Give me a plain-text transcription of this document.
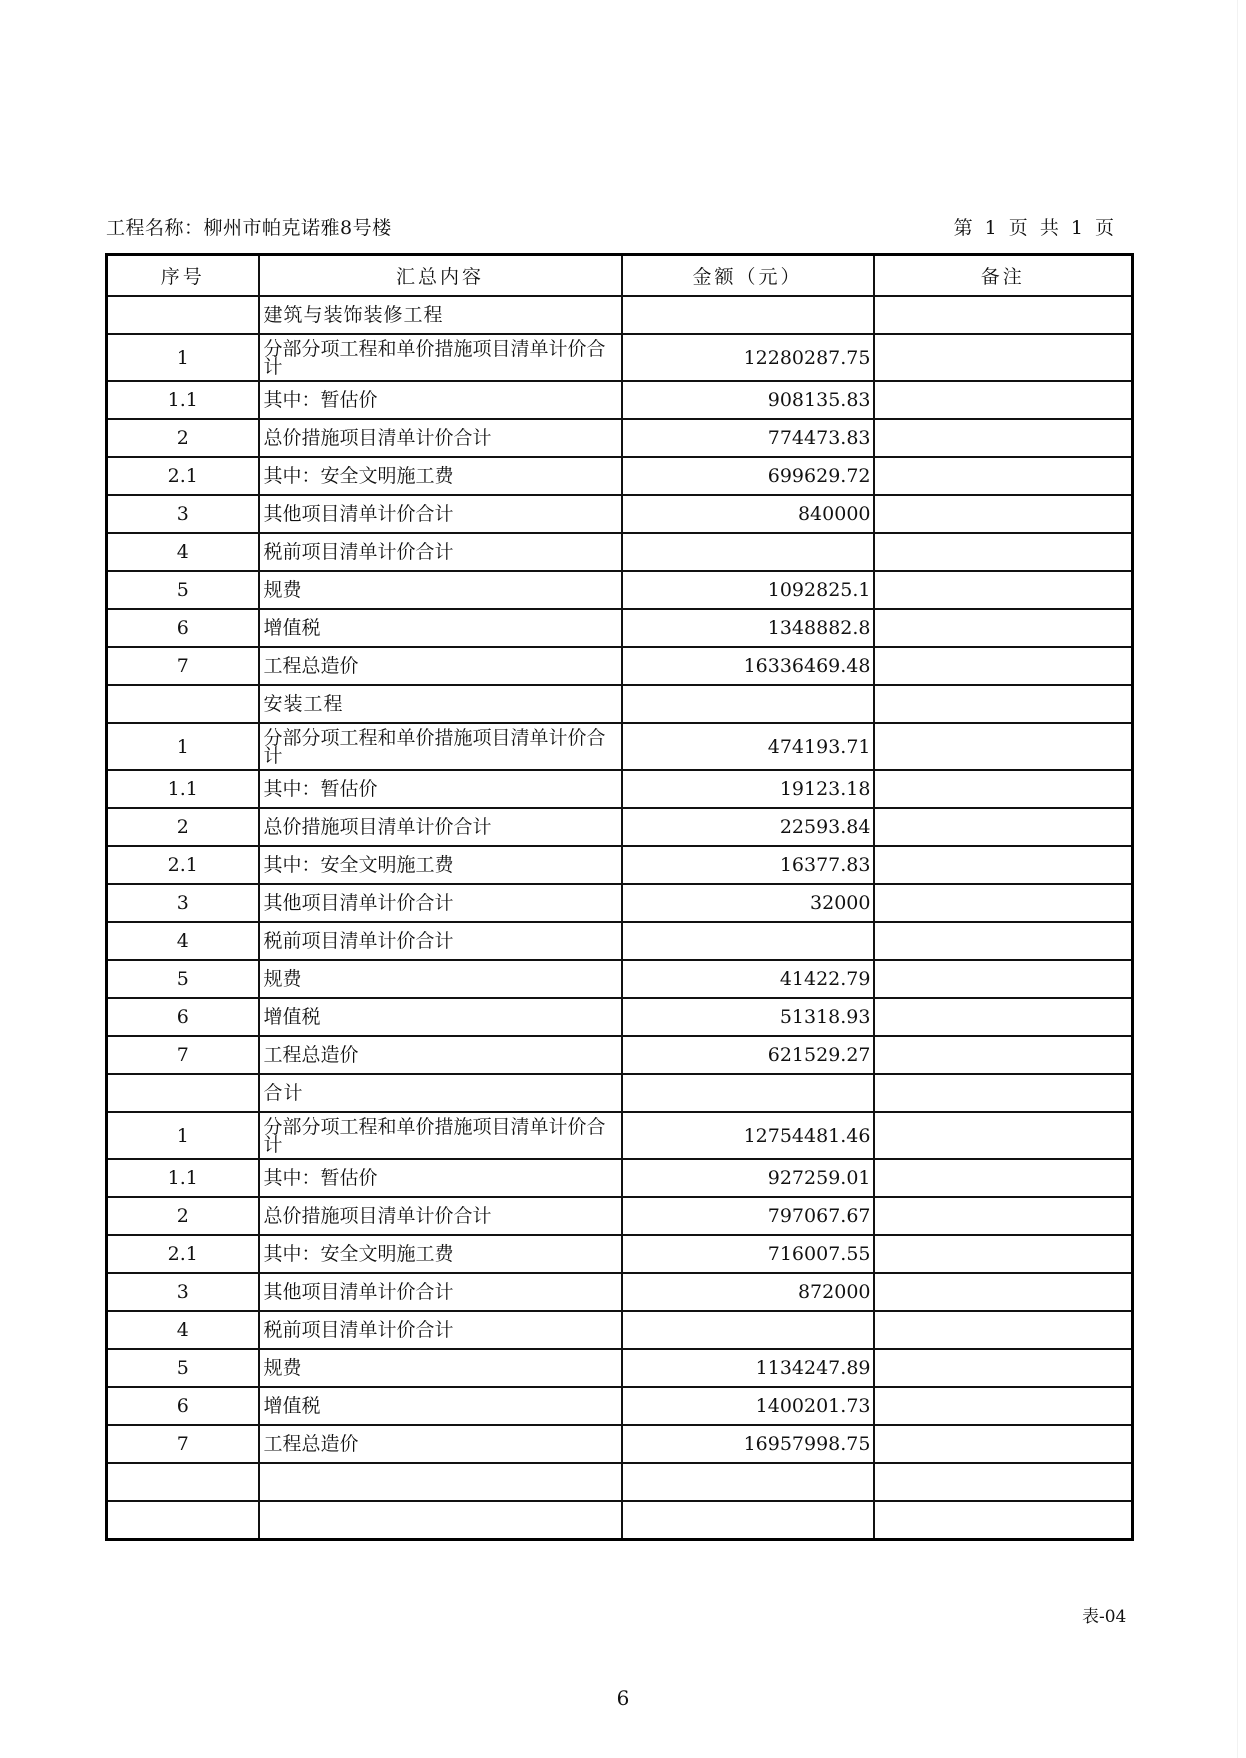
工程名称：柳州市帕克诺雅8号楼	第 1 页 共 1 页
序号	汇总内容	金额（元）	备注
	建筑与装饰装修工程		
1	分部分项工程和单价措施项目清单计价合计	12280287.75	
1.1	其中：暂估价	908135.83	
2	总价措施项目清单计价合计	774473.83	
2.1	其中：安全文明施工费	699629.72	
3	其他项目清单计价合计	840000	
4	税前项目清单计价合计		
5	规费	1092825.1	
6	增值税	1348882.8	
7	工程总造价	16336469.48	
	安装工程		
1	分部分项工程和单价措施项目清单计价合计	474193.71	
1.1	其中：暂估价	19123.18	
2	总价措施项目清单计价合计	22593.84	
2.1	其中：安全文明施工费	16377.83	
3	其他项目清单计价合计	32000	
4	税前项目清单计价合计		
5	规费	41422.79	
6	增值税	51318.93	
7	工程总造价	621529.27	
	合计		
1	分部分项工程和单价措施项目清单计价合计	12754481.46	
1.1	其中：暂估价	927259.01	
2	总价措施项目清单计价合计	797067.67	
2.1	其中：安全文明施工费	716007.55	
3	其他项目清单计价合计	872000	
4	税前项目清单计价合计		
5	规费	1134247.89	
6	增值税	1400201.73	
7	工程总造价	16957998.75	

表-04
6
